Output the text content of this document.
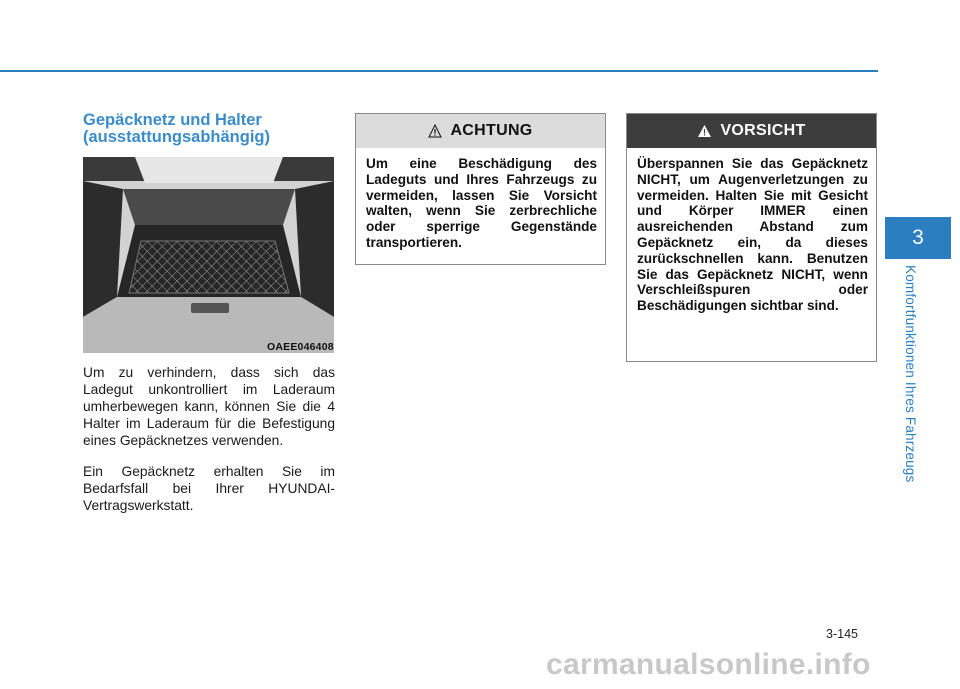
Gepäcknetz und Halter
(ausstattungsabhängig)
OAEE046408

Um zu verhindern, dass sich das Ladegut unkontrolliert im Laderaum umherbewegen kann, können Sie die 4 Halter im Laderaum für die Befestigung eines Gepäcknetzes verwenden.

Ein Gepäcknetz erhalten Sie im Bedarfsfall bei Ihrer HYUNDAI-Vertragswerkstatt.

ACHTUNG

Um eine Beschädigung des Ladeguts und Ihres Fahrzeugs zu vermeiden, lassen Sie Vorsicht walten, wenn Sie zerbrechliche oder sperrige Gegenstände transportieren.

VORSICHT

Überspannen Sie das Gepäcknetz NICHT, um Augenverletzungen zu vermeiden. Halten Sie mit Gesicht und Körper IMMER einen ausreichenden Abstand zum Gepäcknetz ein, da dieses zurückschnellen kann. Benutzen Sie das Gepäcknetz NICHT, wenn Verschleißspuren oder Beschädigungen sichtbar sind.

3
Komfortfunktionen Ihres Fahrzeugs
3-145
carmanualsonline.info
